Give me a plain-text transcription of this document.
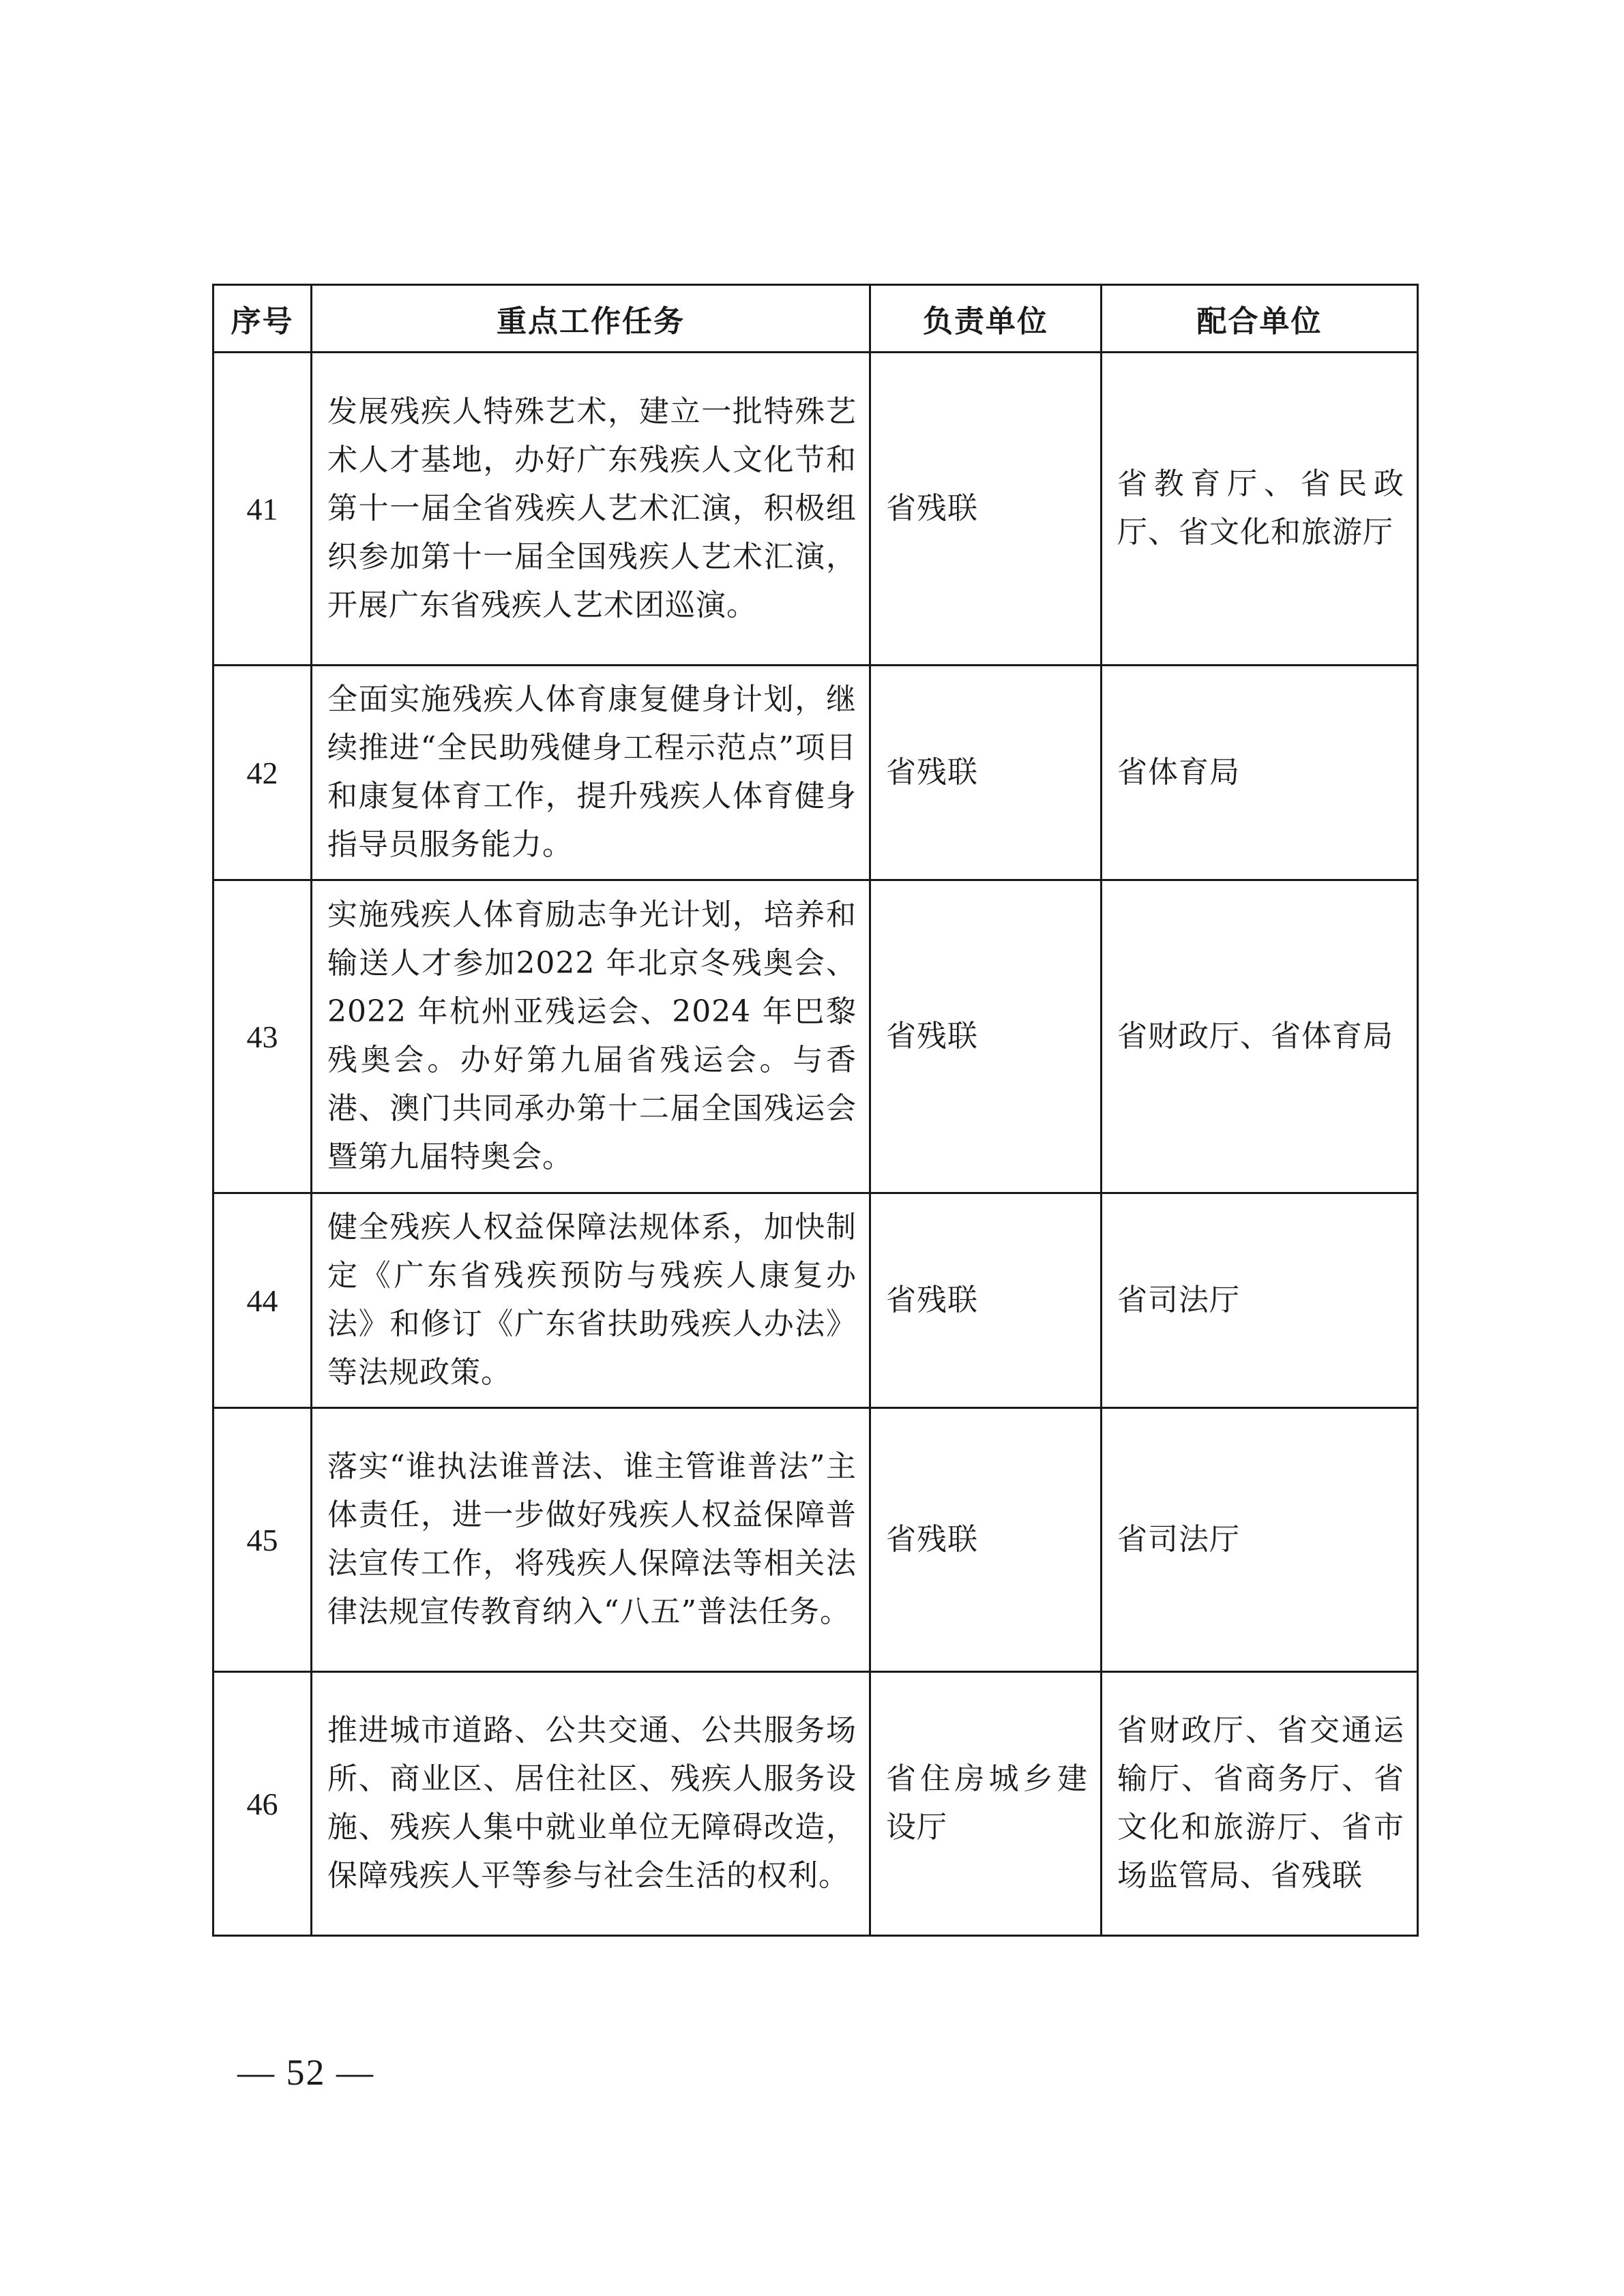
序号	重点工作任务	负责单位	配合单位
41	发展残疾人特殊艺术，建立一批特殊艺术人才基地，办好广东残疾人文化节和第十一届全省残疾人艺术汇演，积极组织参加第十一届全国残疾人艺术汇演，开展广东省残疾人艺术团巡演。	省残联	省教育厅、省民政厅、省文化和旅游厅
42	全面实施残疾人体育康复健身计划，继续推进“全民助残健身工程示范点”项目和康复体育工作，提升残疾人体育健身指导员服务能力。	省残联	省体育局
43	实施残疾人体育励志争光计划，培养和输送人才参加2022 年北京冬残奥会、2022 年杭州亚残运会、2024 年巴黎残奥会。办好第九届省残运会。与香港、澳门共同承办第十二届全国残运会暨第九届特奥会。	省残联	省财政厅、省体育局
44	健全残疾人权益保障法规体系，加快制定《广东省残疾预防与残疾人康复办法》和修订《广东省扶助残疾人办法》等法规政策。	省残联	省司法厅
45	落实“谁执法谁普法、谁主管谁普法”主体责任，进一步做好残疾人权益保障普法宣传工作，将残疾人保障法等相关法律法规宣传教育纳入“八五”普法任务。	省残联	省司法厅
46	推进城市道路、公共交通、公共服务场所、商业区、居住社区、残疾人服务设施、残疾人集中就业单位无障碍改造，保障残疾人平等参与社会生活的权利。	省住房城乡建设厅	省财政厅、省交通运输厅、省商务厅、省文化和旅游厅、省市场监管局、省残联
— 52 —
